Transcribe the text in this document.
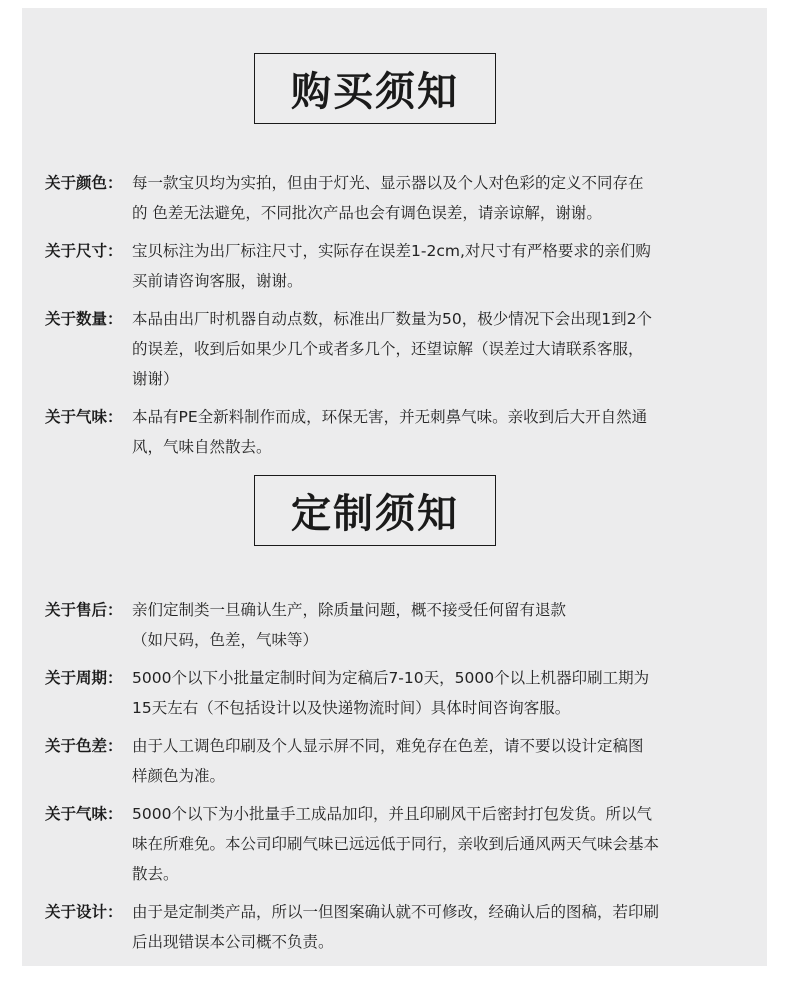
购买须知
关于颜色： 每一款宝贝均为实拍，但由于灯光、显示器以及个人对色彩的定义不同存在
的 色差无法避免，不同批次产品也会有调色误差，请亲谅解，谢谢。
关于尺寸： 宝贝标注为出厂标注尺寸，实际存在误差1-2cm,对尺寸有严格要求的亲们购
买前请咨询客服，谢谢。
关于数量： 本品由出厂时机器自动点数，标准出厂数量为50，极少情况下会出现1到2个
的误差，收到后如果少几个或者多几个，还望谅解（误差过大请联系客服，
谢谢）
关于气味： 本品有PE全新料制作而成，环保无害，并无刺鼻气味。亲收到后大开自然通
风，气味自然散去。
定制须知
关于售后： 亲们定制类一旦确认生产，除质量问题，概不接受任何留有退款
（如尺码，色差，气味等）
关于周期： 5000个以下小批量定制时间为定稿后7-10天，5000个以上机器印刷工期为
15天左右（不包括设计以及快递物流时间）具体时间咨询客服。
关于色差： 由于人工调色印刷及个人显示屏不同，难免存在色差，请不要以设计定稿图
样颜色为准。
关于气味： 5000个以下为小批量手工成品加印，并且印刷风干后密封打包发货。所以气
味在所难免。本公司印刷气味已远远低于同行，亲收到后通风两天气味会基本
散去。
关于设计： 由于是定制类产品，所以一但图案确认就不可修改，经确认后的图稿，若印刷
后出现错误本公司概不负责。
